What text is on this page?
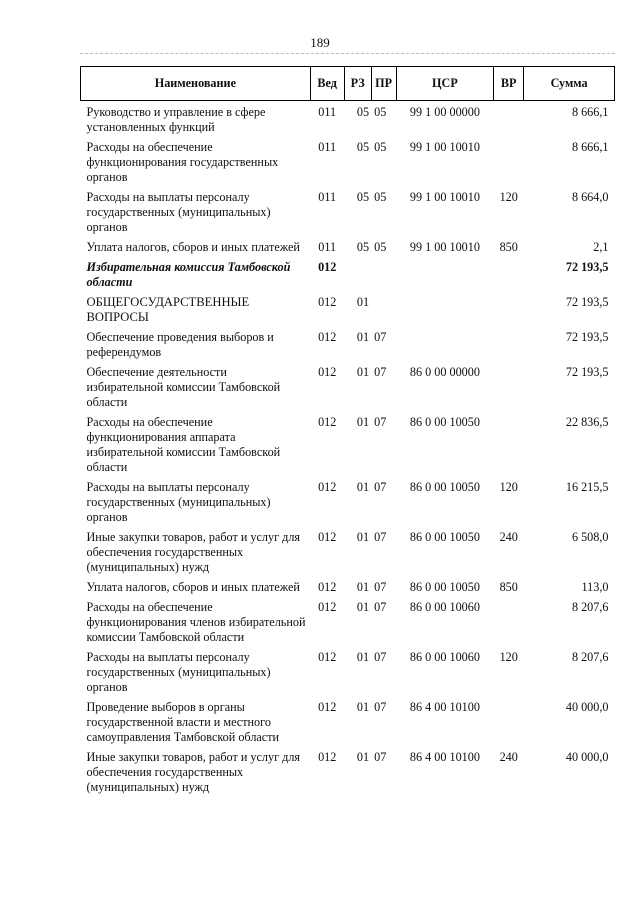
189
Наименование	Вед	РЗ	ПР	ЦСР	ВР	Сумма
Руководство и управление в сфере установленных функций	011	05	05	99 1 00 00000		8 666,1
Расходы на обеспечение функционирования государственных органов	011	05	05	99 1 00 10010		8 666,1
Расходы на выплаты персоналу государственных (муниципальных) органов	011	05	05	99 1 00 10010	120	8 664,0
Уплата налогов, сборов и иных платежей	011	05	05	99 1 00 10010	850	2,1
Избирательная комиссия Тамбовской области	012					72 193,5
ОБЩЕГОСУДАРСТВЕННЫЕ ВОПРОСЫ	012	01				72 193,5
Обеспечение проведения выборов и референдумов	012	01	07			72 193,5
Обеспечение деятельности избирательной комиссии Тамбовской области	012	01	07	86 0 00 00000		72 193,5
Расходы на обеспечение функционирования аппарата избирательной комиссии Тамбовской области	012	01	07	86 0 00 10050		22 836,5
Расходы на выплаты персоналу государственных (муниципальных) органов	012	01	07	86 0 00 10050	120	16 215,5
Иные закупки товаров, работ и услуг для обеспечения государственных (муниципальных) нужд	012	01	07	86 0 00 10050	240	6 508,0
Уплата налогов, сборов и иных платежей	012	01	07	86 0 00 10050	850	113,0
Расходы на обеспечение функционирования членов избирательной комиссии Тамбовской области	012	01	07	86 0 00 10060		8 207,6
Расходы на выплаты персоналу государственных (муниципальных) органов	012	01	07	86 0 00 10060	120	8 207,6
Проведение выборов в органы государственной власти и местного самоуправления Тамбовской области	012	01	07	86 4 00 10100		40 000,0
Иные закупки товаров, работ и услуг для обеспечения государственных (муниципальных) нужд	012	01	07	86 4 00 10100	240	40 000,0
